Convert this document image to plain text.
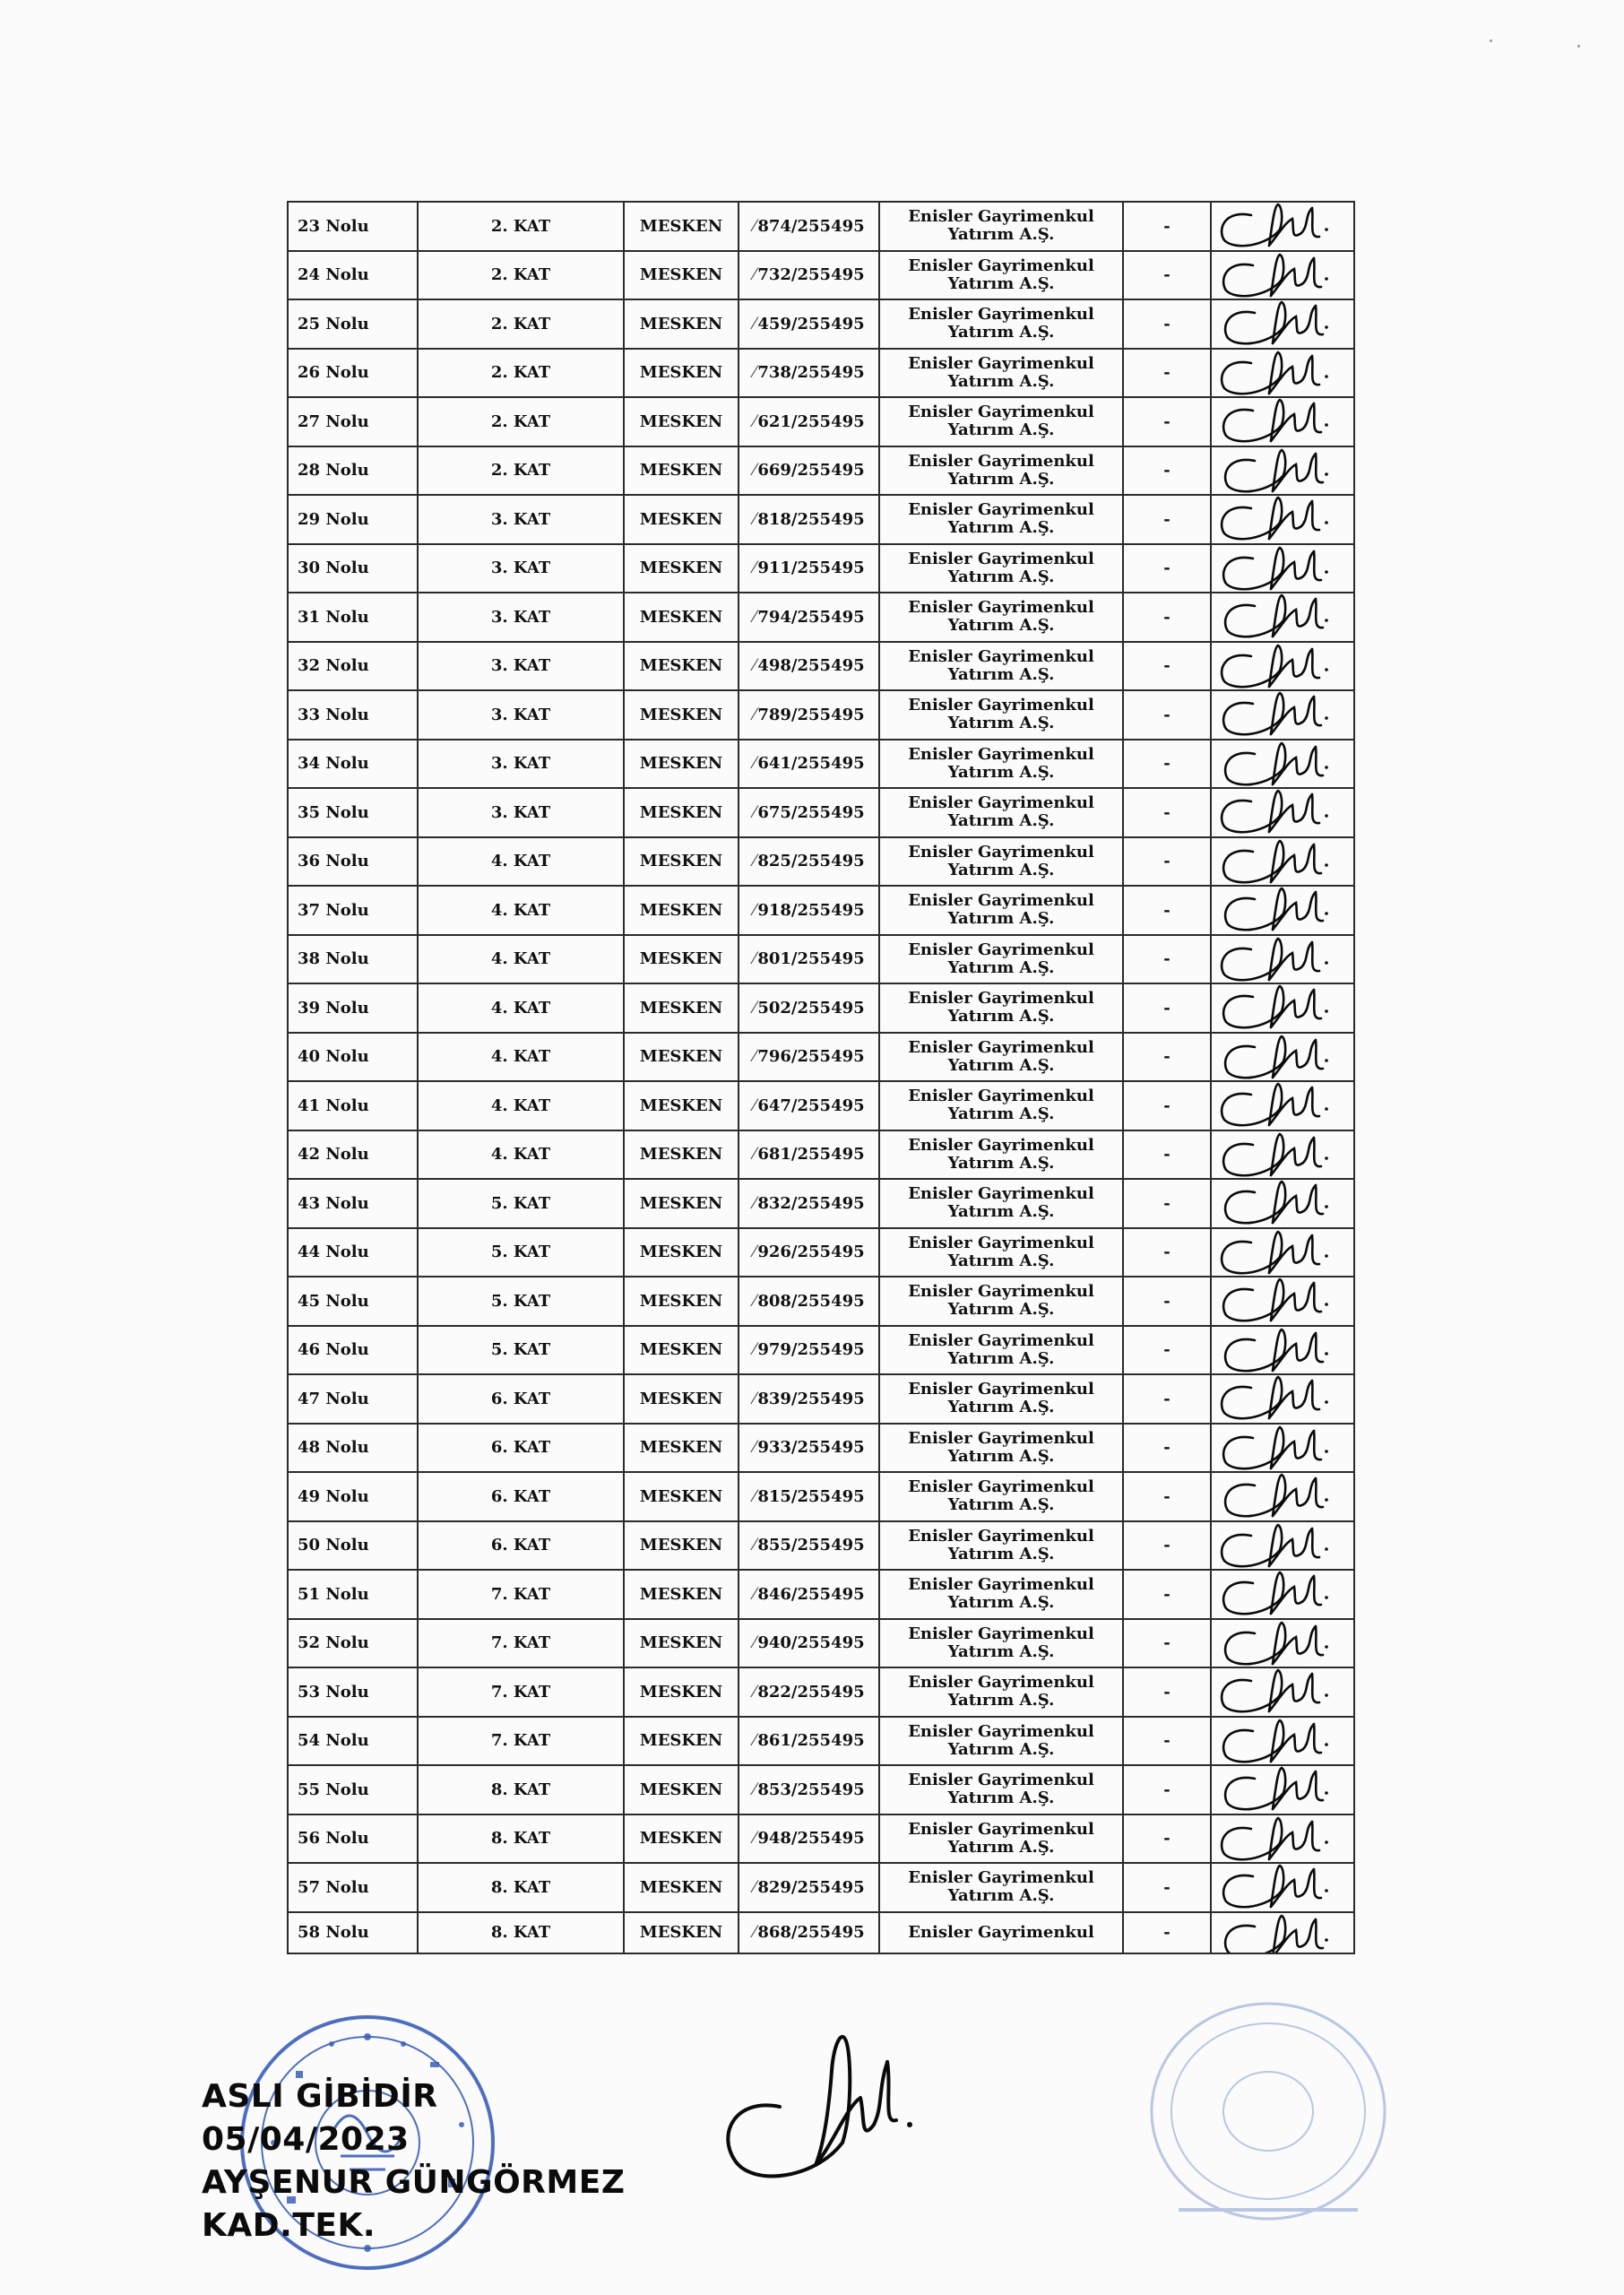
23 Nolu	2. KAT	MESKEN	⁄ 874/255495	Enisler Gayrimenkul
Yatırım A.Ş.	-	

24 Nolu	2. KAT	MESKEN	⁄ 732/255495	Enisler Gayrimenkul
Yatırım A.Ş.	-	

25 Nolu	2. KAT	MESKEN	⁄ 459/255495	Enisler Gayrimenkul
Yatırım A.Ş.	-	

26 Nolu	2. KAT	MESKEN	⁄ 738/255495	Enisler Gayrimenkul
Yatırım A.Ş.	-	

27 Nolu	2. KAT	MESKEN	⁄ 621/255495	Enisler Gayrimenkul
Yatırım A.Ş.	-	

28 Nolu	2. KAT	MESKEN	⁄ 669/255495	Enisler Gayrimenkul
Yatırım A.Ş.	-	

29 Nolu	3. KAT	MESKEN	⁄ 818/255495	Enisler Gayrimenkul
Yatırım A.Ş.	-	

30 Nolu	3. KAT	MESKEN	⁄ 911/255495	Enisler Gayrimenkul
Yatırım A.Ş.	-	

31 Nolu	3. KAT	MESKEN	⁄ 794/255495	Enisler Gayrimenkul
Yatırım A.Ş.	-	

32 Nolu	3. KAT	MESKEN	⁄ 498/255495	Enisler Gayrimenkul
Yatırım A.Ş.	-	

33 Nolu	3. KAT	MESKEN	⁄ 789/255495	Enisler Gayrimenkul
Yatırım A.Ş.	-	

34 Nolu	3. KAT	MESKEN	⁄ 641/255495	Enisler Gayrimenkul
Yatırım A.Ş.	-	

35 Nolu	3. KAT	MESKEN	⁄ 675/255495	Enisler Gayrimenkul
Yatırım A.Ş.	-	

36 Nolu	4. KAT	MESKEN	⁄ 825/255495	Enisler Gayrimenkul
Yatırım A.Ş.	-	

37 Nolu	4. KAT	MESKEN	⁄ 918/255495	Enisler Gayrimenkul
Yatırım A.Ş.	-	

38 Nolu	4. KAT	MESKEN	⁄ 801/255495	Enisler Gayrimenkul
Yatırım A.Ş.	-	

39 Nolu	4. KAT	MESKEN	⁄ 502/255495	Enisler Gayrimenkul
Yatırım A.Ş.	-	

40 Nolu	4. KAT	MESKEN	⁄ 796/255495	Enisler Gayrimenkul
Yatırım A.Ş.	-	

41 Nolu	4. KAT	MESKEN	⁄ 647/255495	Enisler Gayrimenkul
Yatırım A.Ş.	-	

42 Nolu	4. KAT	MESKEN	⁄ 681/255495	Enisler Gayrimenkul
Yatırım A.Ş.	-	

43 Nolu	5. KAT	MESKEN	⁄ 832/255495	Enisler Gayrimenkul
Yatırım A.Ş.	-	

44 Nolu	5. KAT	MESKEN	⁄ 926/255495	Enisler Gayrimenkul
Yatırım A.Ş.	-	

45 Nolu	5. KAT	MESKEN	⁄ 808/255495	Enisler Gayrimenkul
Yatırım A.Ş.	-	

46 Nolu	5. KAT	MESKEN	⁄ 979/255495	Enisler Gayrimenkul
Yatırım A.Ş.	-	

47 Nolu	6. KAT	MESKEN	⁄ 839/255495	Enisler Gayrimenkul
Yatırım A.Ş.	-	

48 Nolu	6. KAT	MESKEN	⁄ 933/255495	Enisler Gayrimenkul
Yatırım A.Ş.	-	

49 Nolu	6. KAT	MESKEN	⁄ 815/255495	Enisler Gayrimenkul
Yatırım A.Ş.	-	

50 Nolu	6. KAT	MESKEN	⁄ 855/255495	Enisler Gayrimenkul
Yatırım A.Ş.	-	

51 Nolu	7. KAT	MESKEN	⁄ 846/255495	Enisler Gayrimenkul
Yatırım A.Ş.	-	

52 Nolu	7. KAT	MESKEN	⁄ 940/255495	Enisler Gayrimenkul
Yatırım A.Ş.	-	

53 Nolu	7. KAT	MESKEN	⁄ 822/255495	Enisler Gayrimenkul
Yatırım A.Ş.	-	

54 Nolu	7. KAT	MESKEN	⁄ 861/255495	Enisler Gayrimenkul
Yatırım A.Ş.	-	

55 Nolu	8. KAT	MESKEN	⁄ 853/255495	Enisler Gayrimenkul
Yatırım A.Ş.	-	

56 Nolu	8. KAT	MESKEN	⁄ 948/255495	Enisler Gayrimenkul
Yatırım A.Ş.	-	

57 Nolu	8. KAT	MESKEN	⁄ 829/255495	Enisler Gayrimenkul
Yatırım A.Ş.	-	

58 Nolu	8. KAT	MESKEN	⁄ 868/255495	Enisler Gayrimenkul	-	
ASLI GİBİDİR
05/04/2023
AYŞENUR GÜNGÖRMEZ
KAD.TEK.
